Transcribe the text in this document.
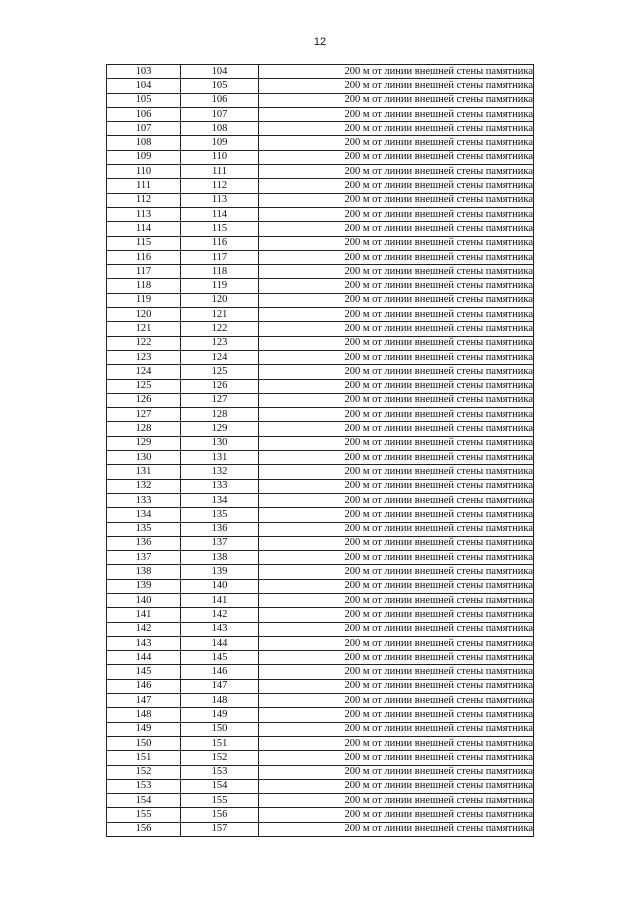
12
103	104	200 м от линии внешней стены памятника
104	105	200 м от линии внешней стены памятника
105	106	200 м от линии внешней стены памятника
106	107	200 м от линии внешней стены памятника
107	108	200 м от линии внешней стены памятника
108	109	200 м от линии внешней стены памятника
109	110	200 м от линии внешней стены памятника
110	111	200 м от линии внешней стены памятника
111	112	200 м от линии внешней стены памятника
112	113	200 м от линии внешней стены памятника
113	114	200 м от линии внешней стены памятника
114	115	200 м от линии внешней стены памятника
115	116	200 м от линии внешней стены памятника
116	117	200 м от линии внешней стены памятника
117	118	200 м от линии внешней стены памятника
118	119	200 м от линии внешней стены памятника
119	120	200 м от линии внешней стены памятника
120	121	200 м от линии внешней стены памятника
121	122	200 м от линии внешней стены памятника
122	123	200 м от линии внешней стены памятника
123	124	200 м от линии внешней стены памятника
124	125	200 м от линии внешней стены памятника
125	126	200 м от линии внешней стены памятника
126	127	200 м от линии внешней стены памятника
127	128	200 м от линии внешней стены памятника
128	129	200 м от линии внешней стены памятника
129	130	200 м от линии внешней стены памятника
130	131	200 м от линии внешней стены памятника
131	132	200 м от линии внешней стены памятника
132	133	200 м от линии внешней стены памятника
133	134	200 м от линии внешней стены памятника
134	135	200 м от линии внешней стены памятника
135	136	200 м от линии внешней стены памятника
136	137	200 м от линии внешней стены памятника
137	138	200 м от линии внешней стены памятника
138	139	200 м от линии внешней стены памятника
139	140	200 м от линии внешней стены памятника
140	141	200 м от линии внешней стены памятника
141	142	200 м от линии внешней стены памятника
142	143	200 м от линии внешней стены памятника
143	144	200 м от линии внешней стены памятника
144	145	200 м от линии внешней стены памятника
145	146	200 м от линии внешней стены памятника
146	147	200 м от линии внешней стены памятника
147	148	200 м от линии внешней стены памятника
148	149	200 м от линии внешней стены памятника
149	150	200 м от линии внешней стены памятника
150	151	200 м от линии внешней стены памятника
151	152	200 м от линии внешней стены памятника
152	153	200 м от линии внешней стены памятника
153	154	200 м от линии внешней стены памятника
154	155	200 м от линии внешней стены памятника
155	156	200 м от линии внешней стены памятника
156	157	200 м от линии внешней стены памятника
